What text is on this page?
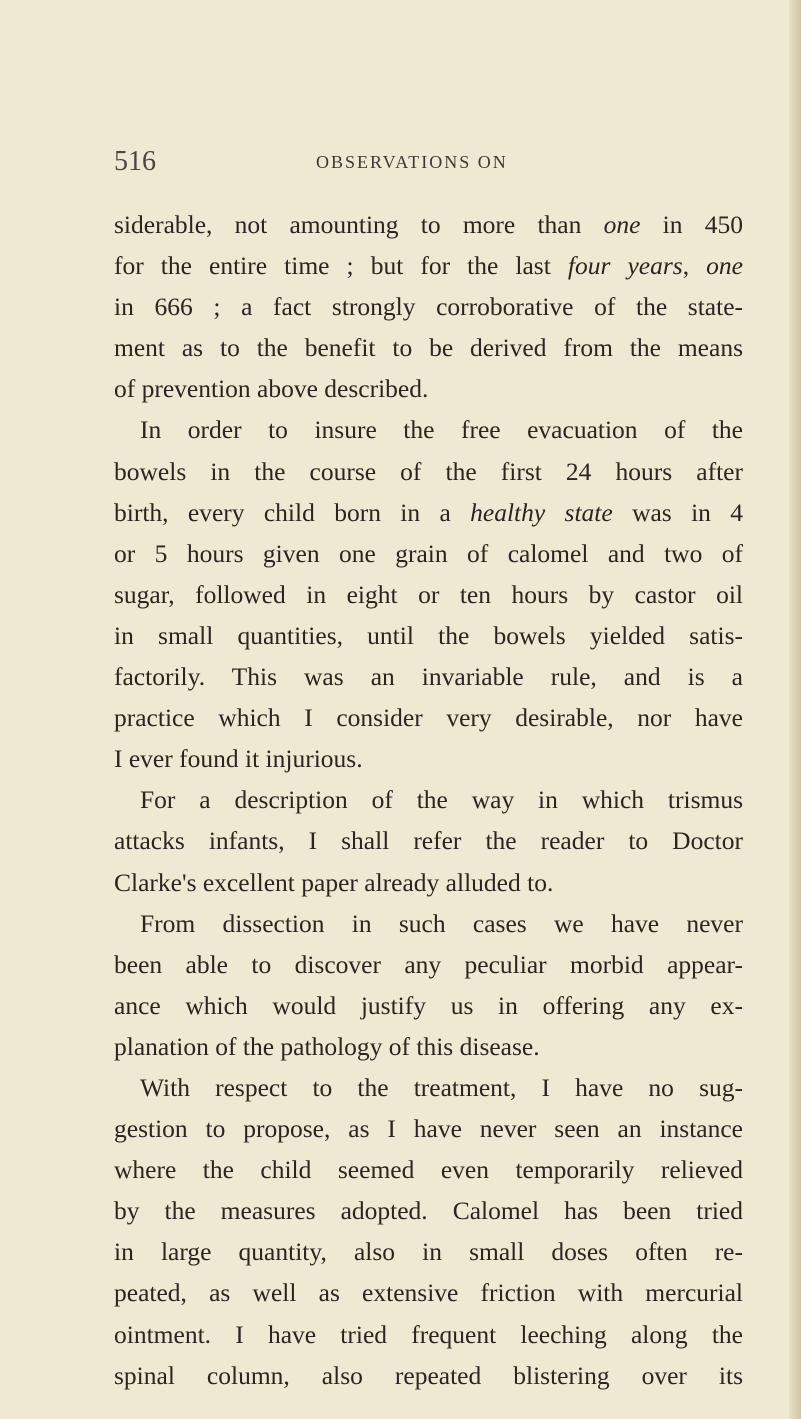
516	OBSERVATIONS ON
siderable, not amounting to more than one in 450
for the entire time ; but for the last four years, one
in 666 ; a fact strongly corroborative of the state-
ment as to the benefit to be derived from the means
of prevention above described.
In order to insure the free evacuation of the
bowels in the course of the first 24 hours after
birth, every child born in a healthy state was in 4
or 5 hours given one grain of calomel and two of
sugar, followed in eight or ten hours by castor oil
in small quantities, until the bowels yielded satis-
factorily. This was an invariable rule, and is a
practice which I consider very desirable, nor have
I ever found it injurious.
For a description of the way in which trismus
attacks infants, I shall refer the reader to Doctor
Clarke's excellent paper already alluded to.
From dissection in such cases we have never
been able to discover any peculiar morbid appear-
ance which would justify us in offering any ex-
planation of the pathology of this disease.
With respect to the treatment, I have no sug-
gestion to propose, as I have never seen an instance
where the child seemed even temporarily relieved
by the measures adopted. Calomel has been tried
in large quantity, also in small doses often re-
peated, as well as extensive friction with mercurial
ointment. I have tried frequent leeching along the
spinal column, also repeated blistering over its
